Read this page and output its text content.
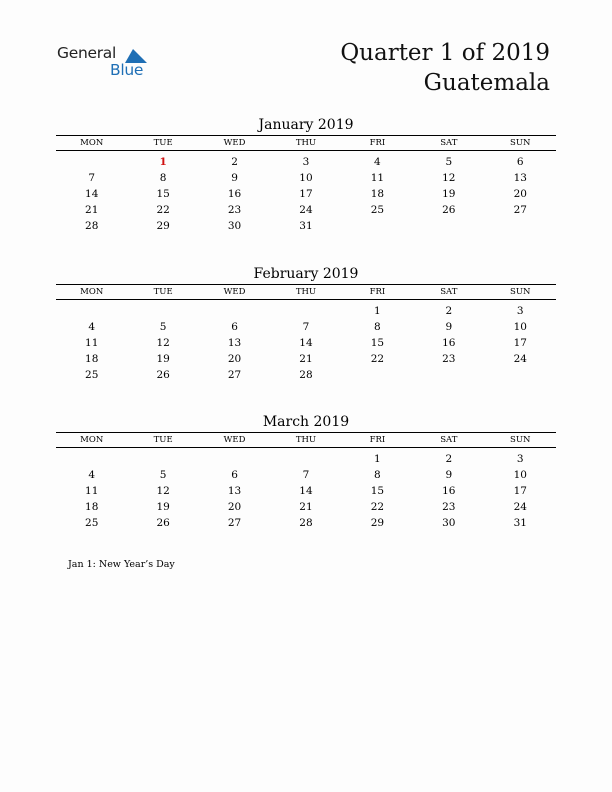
General
Blue
Quarter 1 of 2019
Guatemala
January 2019
MON	TUE	WED	THU	FRI	SAT	SUN

	1	2	3	4	5	6
7	8	9	10	11	12	13
14	15	16	17	18	19	20
21	22	23	24	25	26	27
28	29	30	31			
February 2019
MON	TUE	WED	THU	FRI	SAT	SUN

				1	2	3
4	5	6	7	8	9	10
11	12	13	14	15	16	17
18	19	20	21	22	23	24
25	26	27	28			
March 2019
MON	TUE	WED	THU	FRI	SAT	SUN

				1	2	3
4	5	6	7	8	9	10
11	12	13	14	15	16	17
18	19	20	21	22	23	24
25	26	27	28	29	30	31
Jan 1: New Year’s Day
